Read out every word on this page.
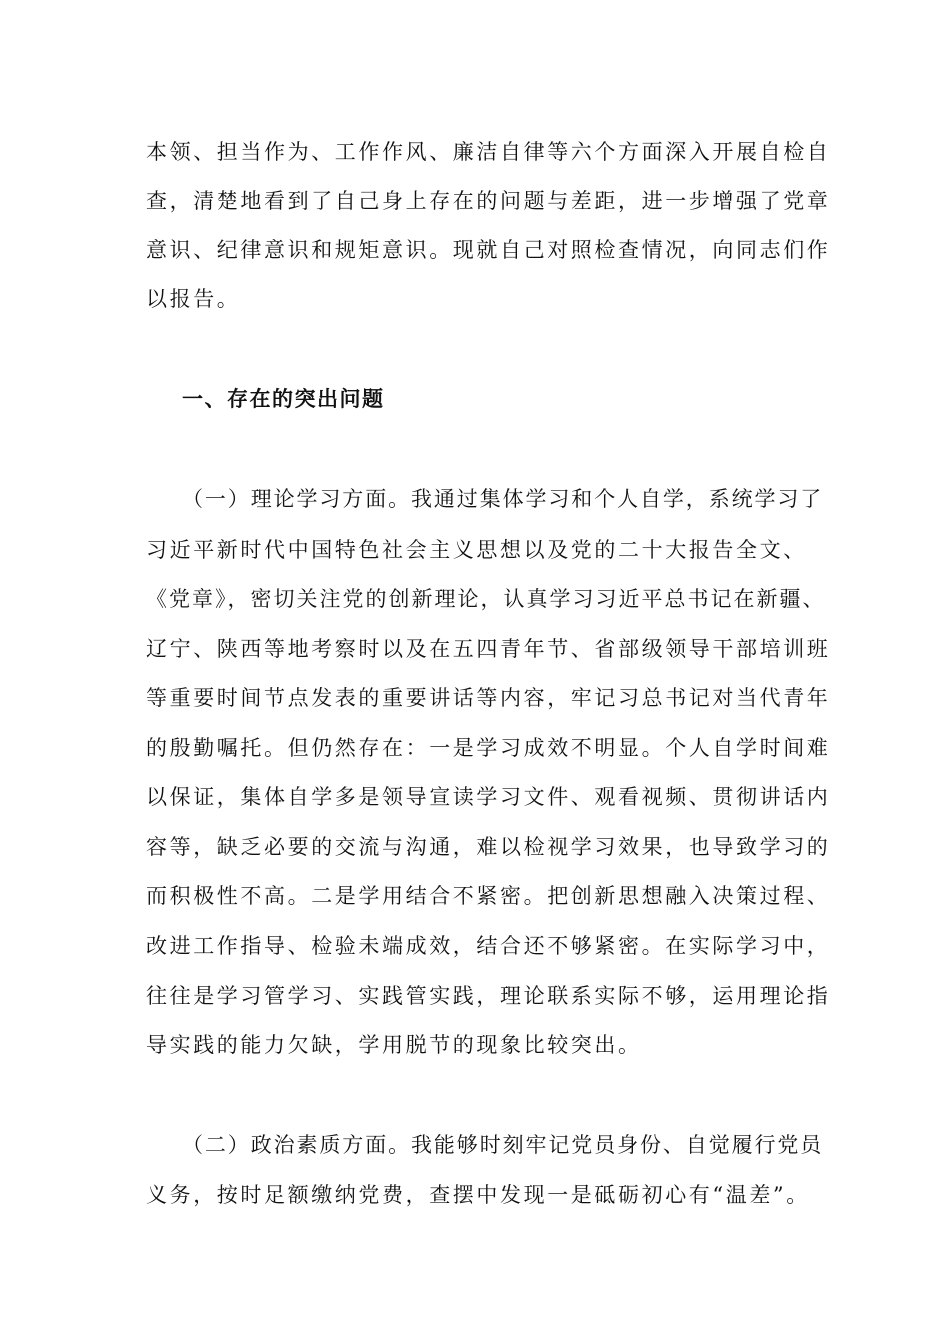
本领、担当作为、工作作风、廉洁自律等六个方面深入开展自检自
查，清楚地看到了自己身上存在的问题与差距，进一步增强了党章
意识、纪律意识和规矩意识。现就自己对照检查情况，向同志们作
以报告。
一、存在的突出问题
（一）理论学习方面。我通过集体学习和个人自学，系统学习了
习近平新时代中国特色社会主义思想以及党的二十大报告全文、
《党章》，密切关注党的创新理论，认真学习习近平总书记在新疆、
辽宁、陕西等地考察时以及在五四青年节、省部级领导干部培训班
等重要时间节点发表的重要讲话等内容，牢记习总书记对当代青年
的殷勤嘱托。但仍然存在：一是学习成效不明显。个人自学时间难
以保证，集体自学多是领导宣读学习文件、观看视频、贯彻讲话内
容等，缺乏必要的交流与沟通，难以检视学习效果，也导致学习的
而积极性不高。二是学用结合不紧密。把创新思想融入决策过程、
改进工作指导、检验未端成效，结合还不够紧密。在实际学习中，
往往是学习管学习、实践管实践，理论联系实际不够，运用理论指
导实践的能力欠缺，学用脱节的现象比较突出。
（二）政治素质方面。我能够时刻牢记党员身份、自觉履行党员
义务，按时足额缴纳党费，查摆中发现一是砥砺初心有“温差”。
